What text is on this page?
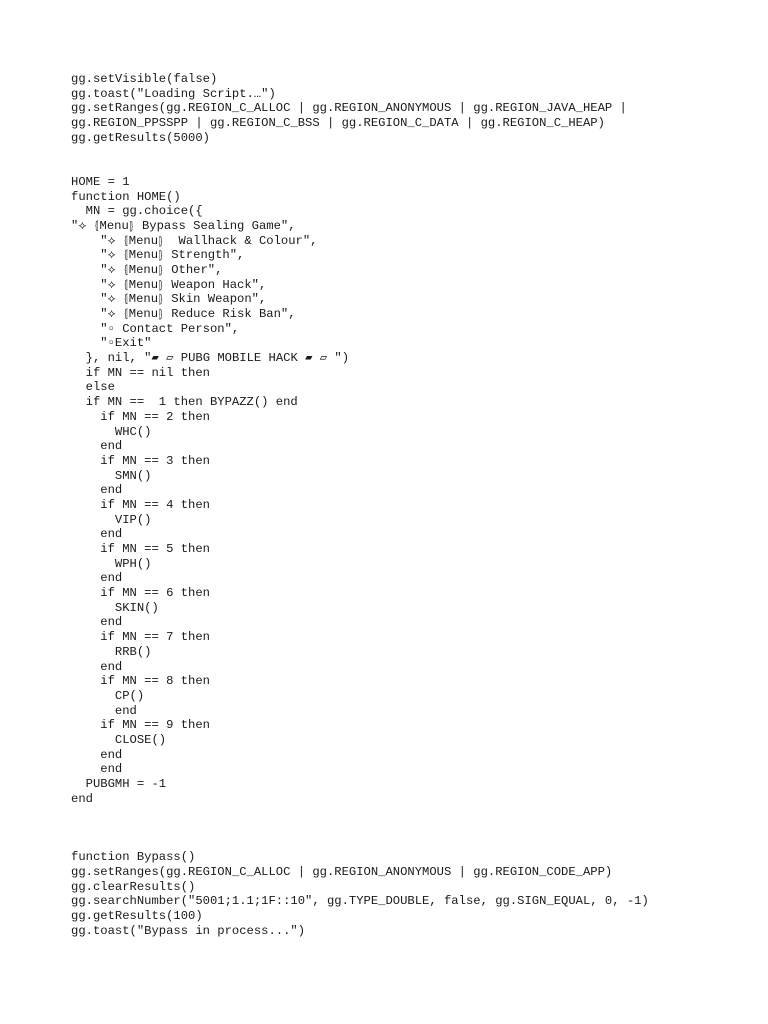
gg.setVisible(false)
gg.toast("Loading Script.…")
gg.setRanges(gg.REGION_C_ALLOC | gg.REGION_ANONYMOUS | gg.REGION_JAVA_HEAP |
gg.REGION_PPSSPP | gg.REGION_C_BSS | gg.REGION_C_DATA | gg.REGION_C_HEAP)
gg.getResults(5000)
HOME = 1
function HOME()
MN = gg.choice({
"⟡ ⦃Menu⦄ Bypass Sealing Game",
"⟡ ⦃Menu⦄  Wallhack & Colour",
"⟡ ⦃Menu⦄ Strength",
"⟡ ⦃Menu⦄ Other",
"⟡ ⦃Menu⦄ Weapon Hack",
"⟡ ⦃Menu⦄ Skin Weapon",
"⟡ ⦃Menu⦄ Reduce Risk Ban",
"▫ Contact Person",
"▫Exit"
}, nil, "▰ ▱ PUBG MOBILE HACK ▰ ▱ ")
if MN == nil then
else
if MN ==  1 then BYPAZZ() end
if MN == 2 then
WHC()
end
if MN == 3 then
SMN()
end
if MN == 4 then
VIP()
end
if MN == 5 then
WPH()
end
if MN == 6 then
SKIN()
end
if MN == 7 then
RRB()
end
if MN == 8 then
CP()
end
if MN == 9 then
CLOSE()
end
end
PUBGMH = -1
end
function Bypass()
gg.setRanges(gg.REGION_C_ALLOC | gg.REGION_ANONYMOUS | gg.REGION_CODE_APP)
gg.clearResults()
gg.searchNumber("5001;1.1;1F::10", gg.TYPE_DOUBLE, false, gg.SIGN_EQUAL, 0, -1)
gg.getResults(100)
gg.toast("Bypass in process...")
